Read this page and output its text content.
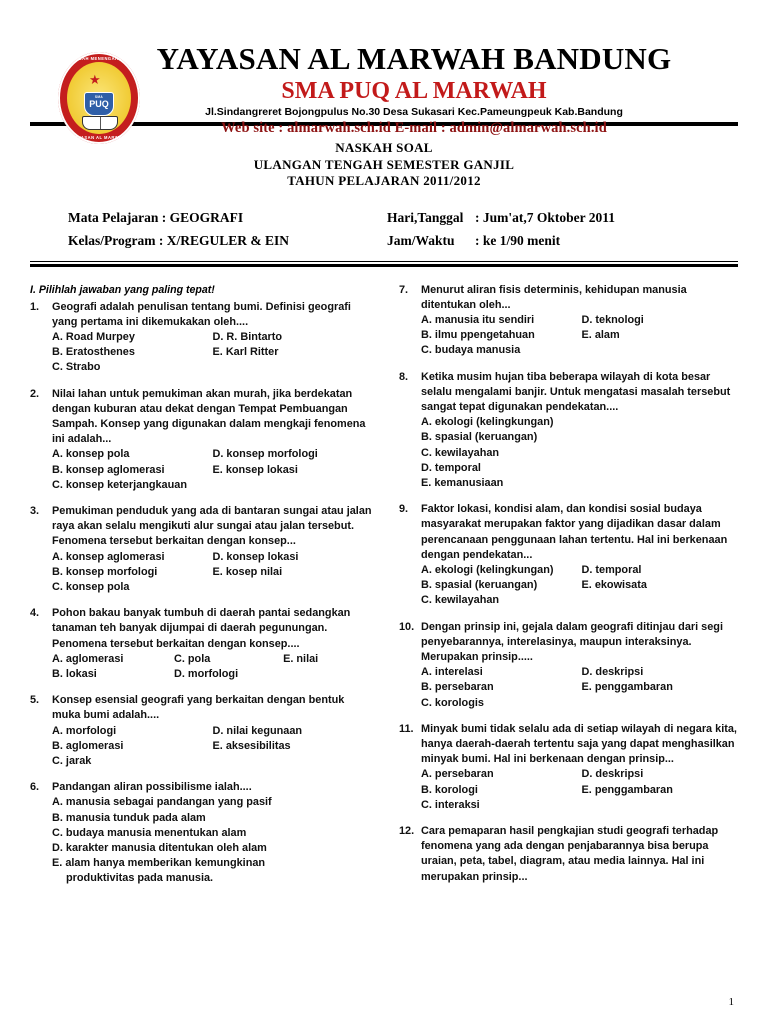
SEKOLAH MENENGAH ATAS
YAYASAN AL MARWAH
★
SMA
PUQ
YAYASAN AL MARWAH BANDUNG
SMA PUQ AL MARWAH
Jl.Sindangreret Bojongpulus No.30 Desa Sukasari Kec.Pameungpeuk Kab.Bandung
Web site : almarwah.sch.id E-mail : admin@almarwah.sch.id
NASKAH SOAL
ULANGAN TENGAH SEMESTER GANJIL
TAHUN PELAJARAN 2011/2012
Mata Pelajaran : GEOGRAFI	Hari,Tanggal : Jum'at,7 Oktober 2011
Kelas/Program : X/REGULER & EIN	Jam/Waktu : ke 1/90 menit
I. Pilihlah jawaban yang paling tepat!
1.	Geografi adalah penulisan tentang bumi. Definisi geografi yang pertama ini dikemukakan oleh....
A. Road Murpey	D. R. Bintarto
B. Eratosthenes	E. Karl Ritter
C. Strabo
2.	Nilai lahan untuk pemukiman akan murah, jika berdekatan dengan kuburan atau dekat dengan Tempat Pembuangan Sampah. Konsep yang digunakan dalam mengkaji fenomena ini adalah...
A. konsep pola	D. konsep morfologi
B. konsep aglomerasi	E. konsep lokasi
C. konsep keterjangkauan
3.	Pemukiman penduduk yang ada di bantaran sungai atau jalan raya akan selalu mengikuti alur sungai atau jalan tersebut. Fenomena tersebut berkaitan dengan konsep...
A. konsep aglomerasi	D. konsep lokasi
B. konsep morfologi	E. kosep nilai
C. konsep pola
4.	Pohon bakau banyak tumbuh di daerah pantai sedangkan tanaman teh banyak dijumpai di daerah pegunungan. Penomena tersebut berkaitan dengan konsep....
A. aglomerasi	C. pola	E. nilai
B. lokasi	D. morfologi
5.	Konsep esensial geografi yang berkaitan dengan bentuk muka bumi adalah....
A. morfologi	D. nilai kegunaan
B. aglomerasi	E. aksesibilitas
C. jarak
6.	Pandangan aliran possibilisme ialah....
A. manusia sebagai pandangan yang pasif
B. manusia tunduk pada alam
C. budaya manusia menentukan alam
D. karakter manusia ditentukan oleh alam
E. alam hanya memberikan kemungkinan
produktivitas pada manusia.
7.	Menurut aliran fisis determinis, kehidupan manusia ditentukan oleh...
A. manusia itu sendiri	D. teknologi
B. ilmu ppengetahuan	E. alam
C. budaya manusia
8.	Ketika musim hujan tiba beberapa wilayah di kota besar selalu mengalami banjir. Untuk mengatasi masalah tersebut sangat tepat digunakan pendekatan....
A. ekologi (kelingkungan)
B. spasial (keruangan)
C. kewilayahan
D. temporal
E. kemanusiaan
9.	Faktor lokasi, kondisi alam, dan kondisi sosial budaya masyarakat merupakan faktor yang dijadikan dasar dalam perencanaan penggunaan lahan tertentu. Hal ini berkenaan dengan pendekatan...
A. ekologi (kelingkungan)	D. temporal
B. spasial (keruangan)	E. ekowisata
C. kewilayahan
10. Dengan prinsip ini, gejala dalam geografi ditinjau dari segi penyebarannya, interelasinya, maupun interaksinya. Merupakan prinsip.....
A. interelasi	D. deskripsi
B. persebaran	E. penggambaran
C. korologis
11. Minyak bumi tidak selalu ada di setiap wilayah di negara kita, hanya daerah-daerah tertentu saja yang dapat menghasilkan minyak bumi. Hal ini berkenaan dengan prinsip...
A. persebaran	D. deskripsi
B. korologi	E. penggambaran
C. interaksi
12. Cara pemaparan hasil pengkajian studi geografi terhadap fenomena yang ada dengan penjabarannya bisa berupa uraian, peta, tabel, diagram, atau media lainnya. Hal ini merupakan prinsip...
1
